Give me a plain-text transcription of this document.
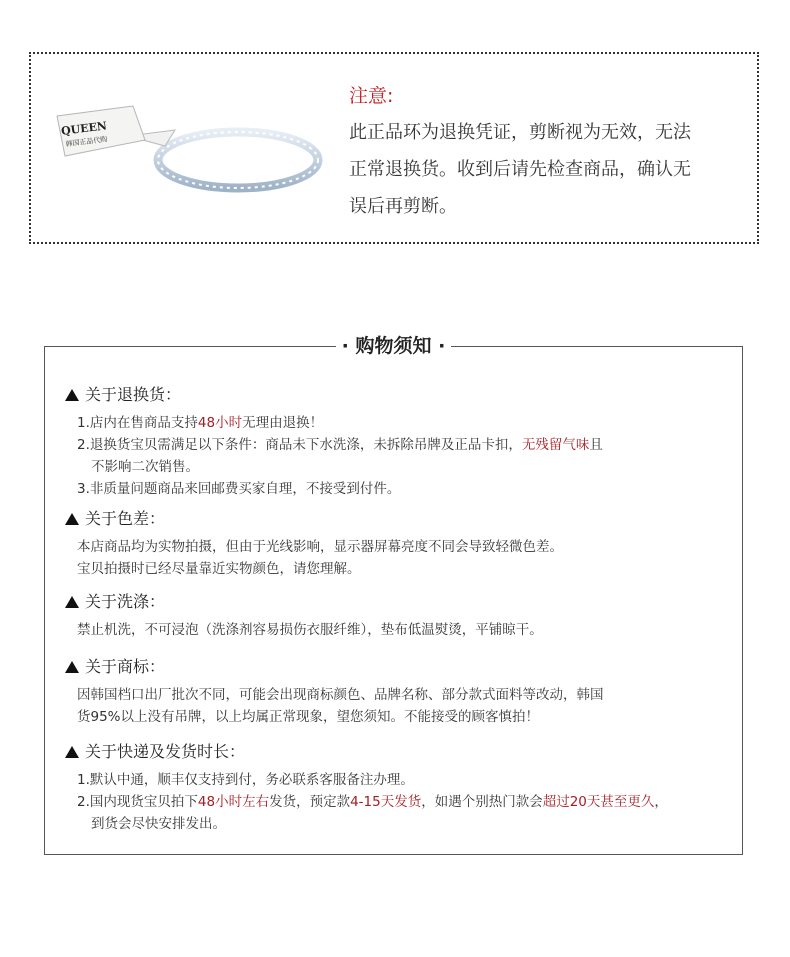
QUEEN
韩国正品代购
注意:
此正品环为退换凭证，剪断视为无效，无法
正常退换货。收到后请先检查商品，确认无
误后再剪断。
· 购物须知 ·
关于退换货：
1.店内在售商品支持48小时无理由退换！
2.退换货宝贝需满足以下条件：商品未下水洗涤，未拆除吊牌及正品卡扣，无残留气味且
不影响二次销售。
3.非质量问题商品来回邮费买家自理，不接受到付件。
关于色差：
本店商品均为实物拍摄，但由于光线影响，显示器屏幕亮度不同会导致轻微色差。
宝贝拍摄时已经尽量靠近实物颜色，请您理解。
关于洗涤：
禁止机洗，不可浸泡（洗涤剂容易损伤衣服纤维），垫布低温熨烫，平铺晾干。
关于商标：
因韩国档口出厂批次不同，可能会出现商标颜色、品牌名称、部分款式面料等改动，韩国
货95%以上没有吊牌，以上均属正常现象，望您须知。不能接受的顾客慎拍！
关于快递及发货时长：
1.默认中通，顺丰仅支持到付，务必联系客服备注办理。
2.国内现货宝贝拍下48小时左右发货，预定款4-15天发货，如遇个别热门款会超过20天甚至更久，
到货会尽快安排发出。
